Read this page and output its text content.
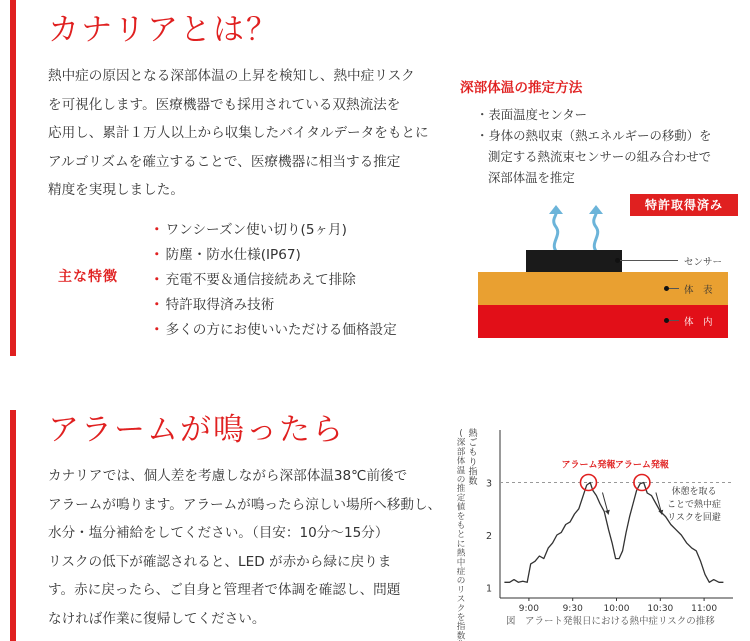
カナリアとは？

熱中症の原因となる深部体温の上昇を検知し、熱中症リスク

を可視化します。医療機器でも採用されている双熱流法を

応用し、累計１万人以上から収集したバイタルデータをもとに

アルゴリズムを確立することで、医療機器に相当する推定

精度を実現しました。

主な特徴
・ ワンシーズン使い切り(5ヶ月)
・ 防塵・防水仕様(IP67)
・ 充電不要＆通信接続あえて排除
・ 特許取得済み技術
・ 多くの方にお使いいただける価格設定
深部体温の推定方法
・ 表面温度センター
・ 身体の熱収束（熱エネルギーの移動）を
測定する熱流束センサーの組み合わせで
深部体温を推定
特許取得済み
センサー
体　表
体　内
アラームが鳴ったら

カナリアでは、個人差を考慮しながら深部体温38℃前後で

アラームが鳴ります。アラームが鳴ったら涼しい場所へ移動し、

水分・塩分補給をしてください。（目安：10分～15分）

リスクの低下が確認されると、LED が赤から緑に戻りま

す。赤に戻ったら、ご自身と管理者で体調を確認し、問題

なければ作業に復帰してください。

熱
ご
も
り
指
数
(
深
部
体
温
の
推
定
値
を
も
と
に
熱
中
症
の
リ
ス
ク
を
指
数
1
2
3
9:00	9:30 10:00 10:30 11:00
アラーム発報 アラーム発報
休憩を取る
ことで熱中症
リスクを回避
図　アラート発報日における熱中症リスクの推移
